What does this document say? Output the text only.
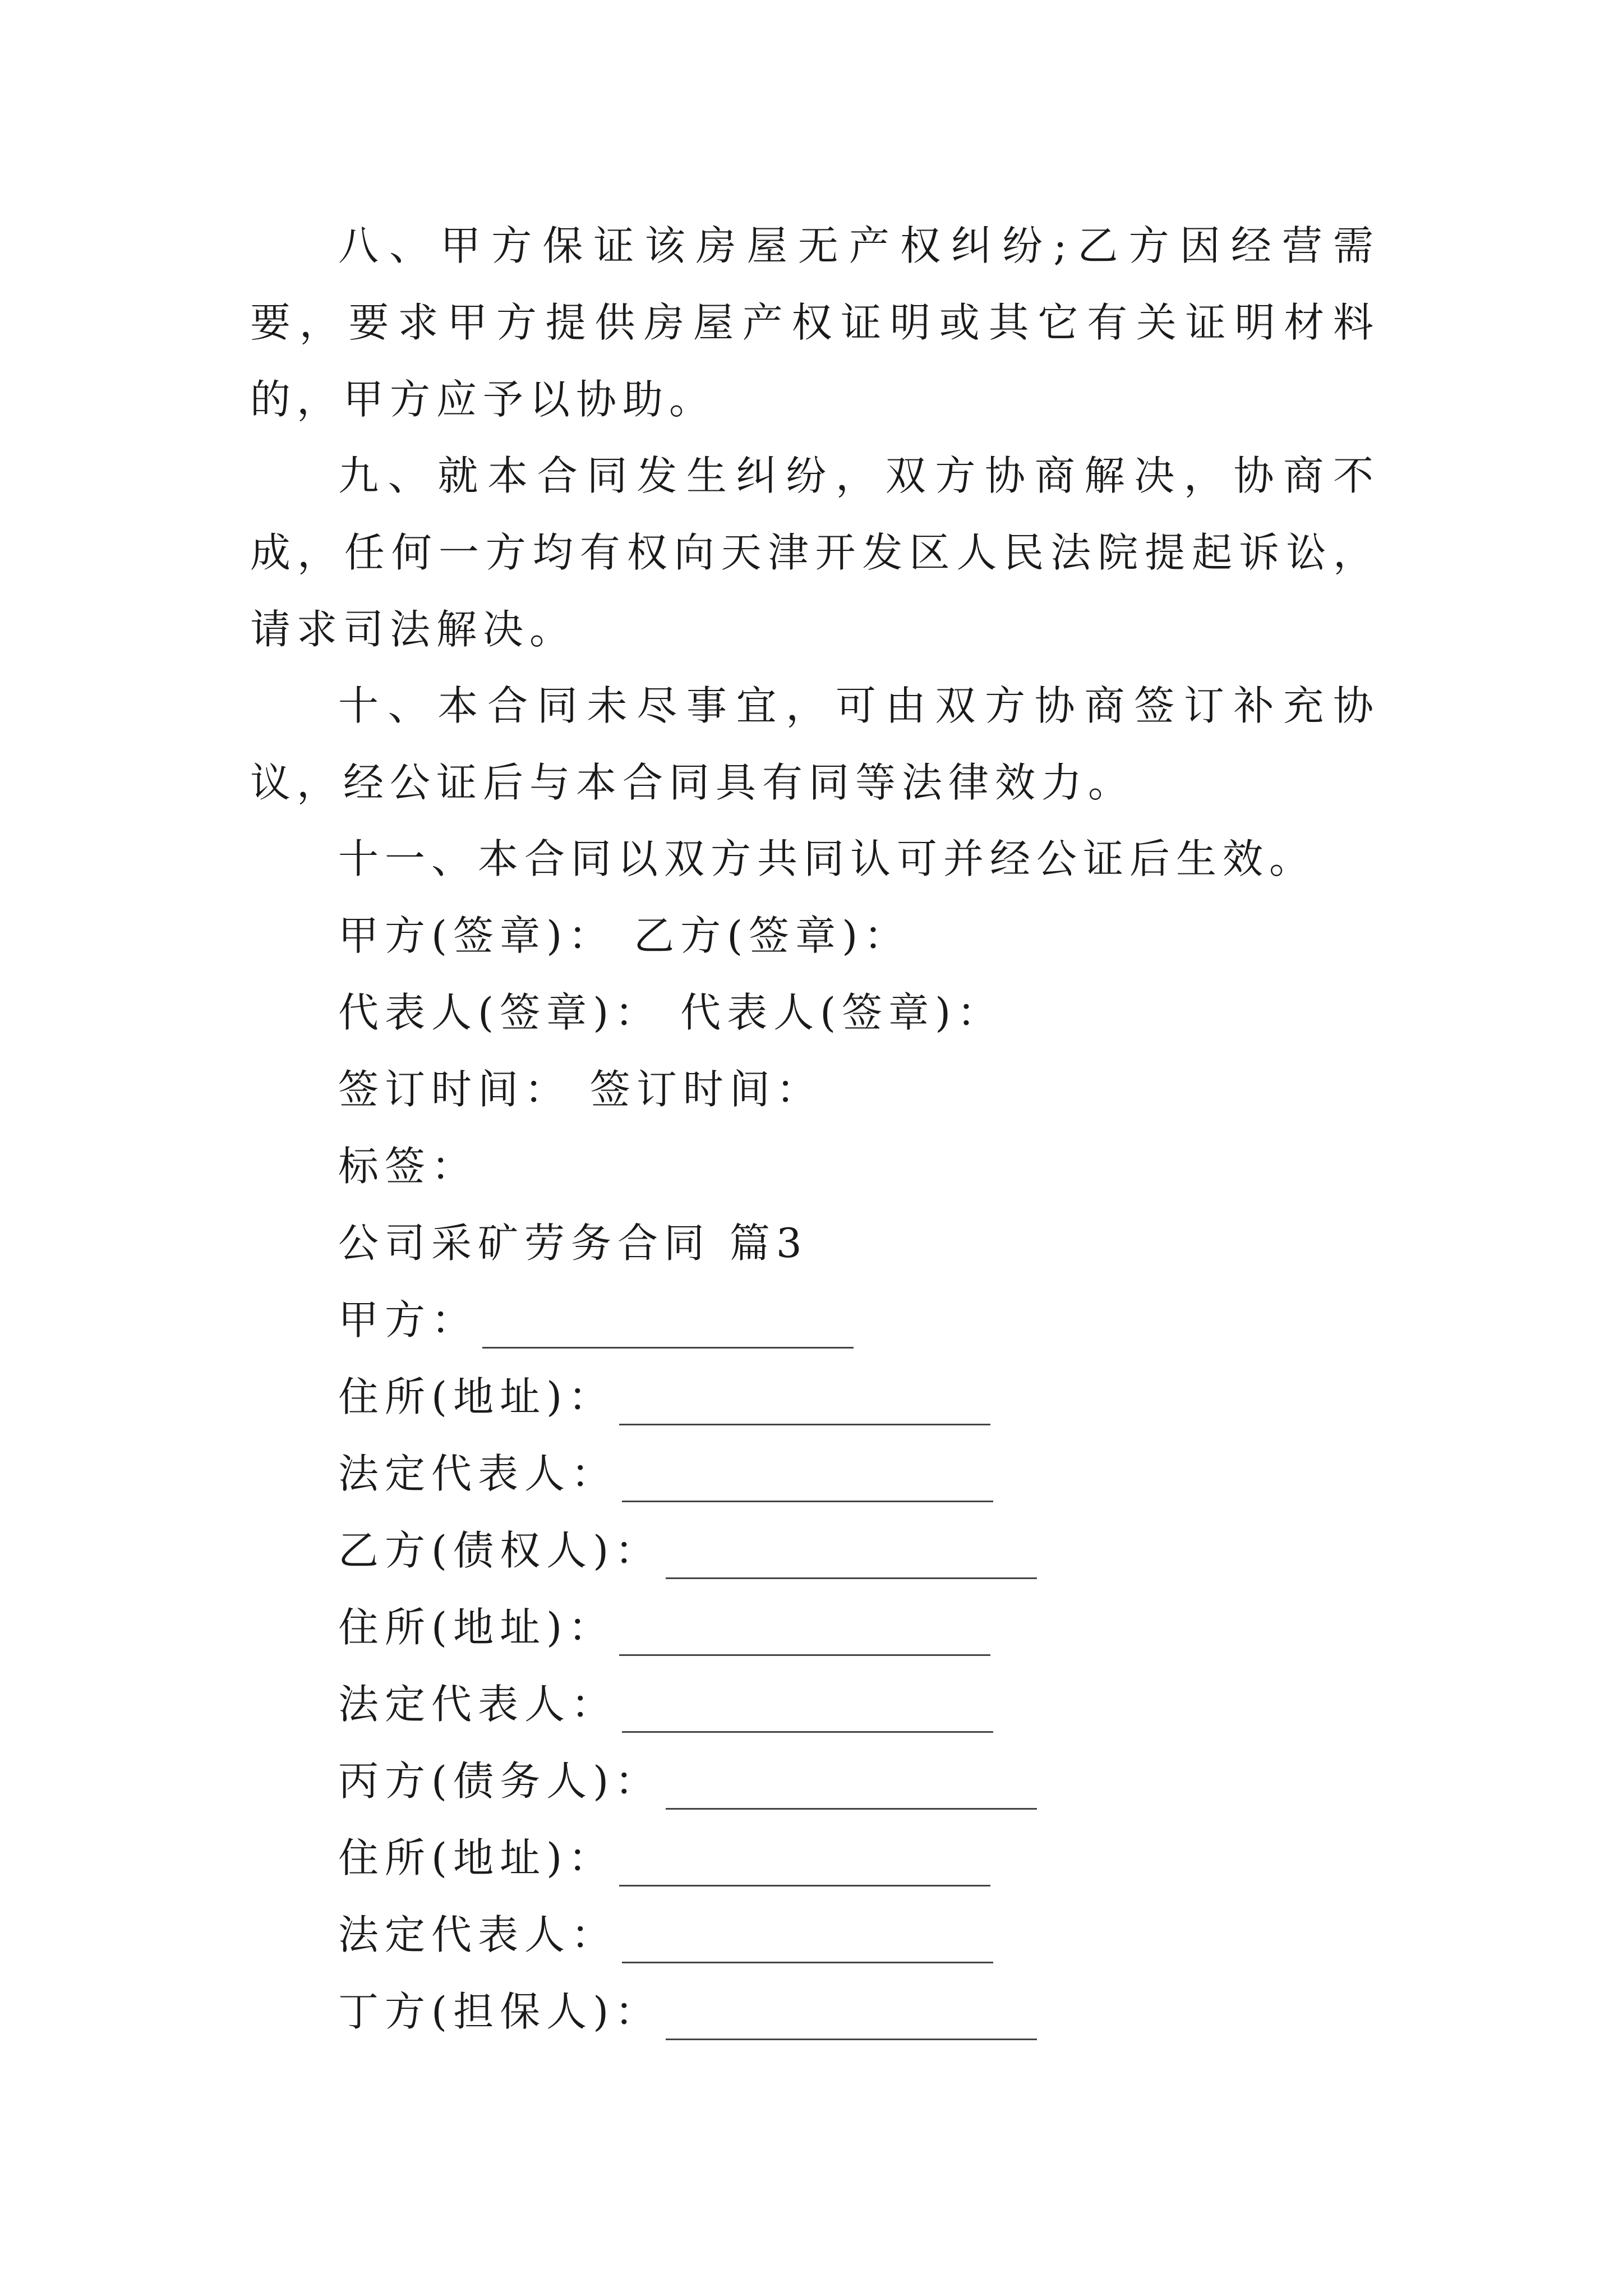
八、甲方保证该房屋无产权纠纷;乙方因经营需要，要求甲方提供房屋产权证明或其它有关证明材料的，甲方应予以协助。

九、就本合同发生纠纷，双方协商解决，协商不成，任何一方均有权向天津开发区人民法院提起诉讼，请求司法解决。

十、本合同未尽事宜，可由双方协商签订补充协议，经公证后与本合同具有同等法律效力。

十一、本合同以双方共同认可并经公证后生效。

甲方(签章)： 乙方(签章)：

代表人(签章)： 代表人(签章)：

签订时间： 签订时间：

标签：

公司采矿劳务合同 篇3

甲方：
住所(地址)：
法定代表人：
乙方(债权人)：
住所(地址)：
法定代表人：
丙方(债务人)：
住所(地址)：
法定代表人：
丁方(担保人)：
